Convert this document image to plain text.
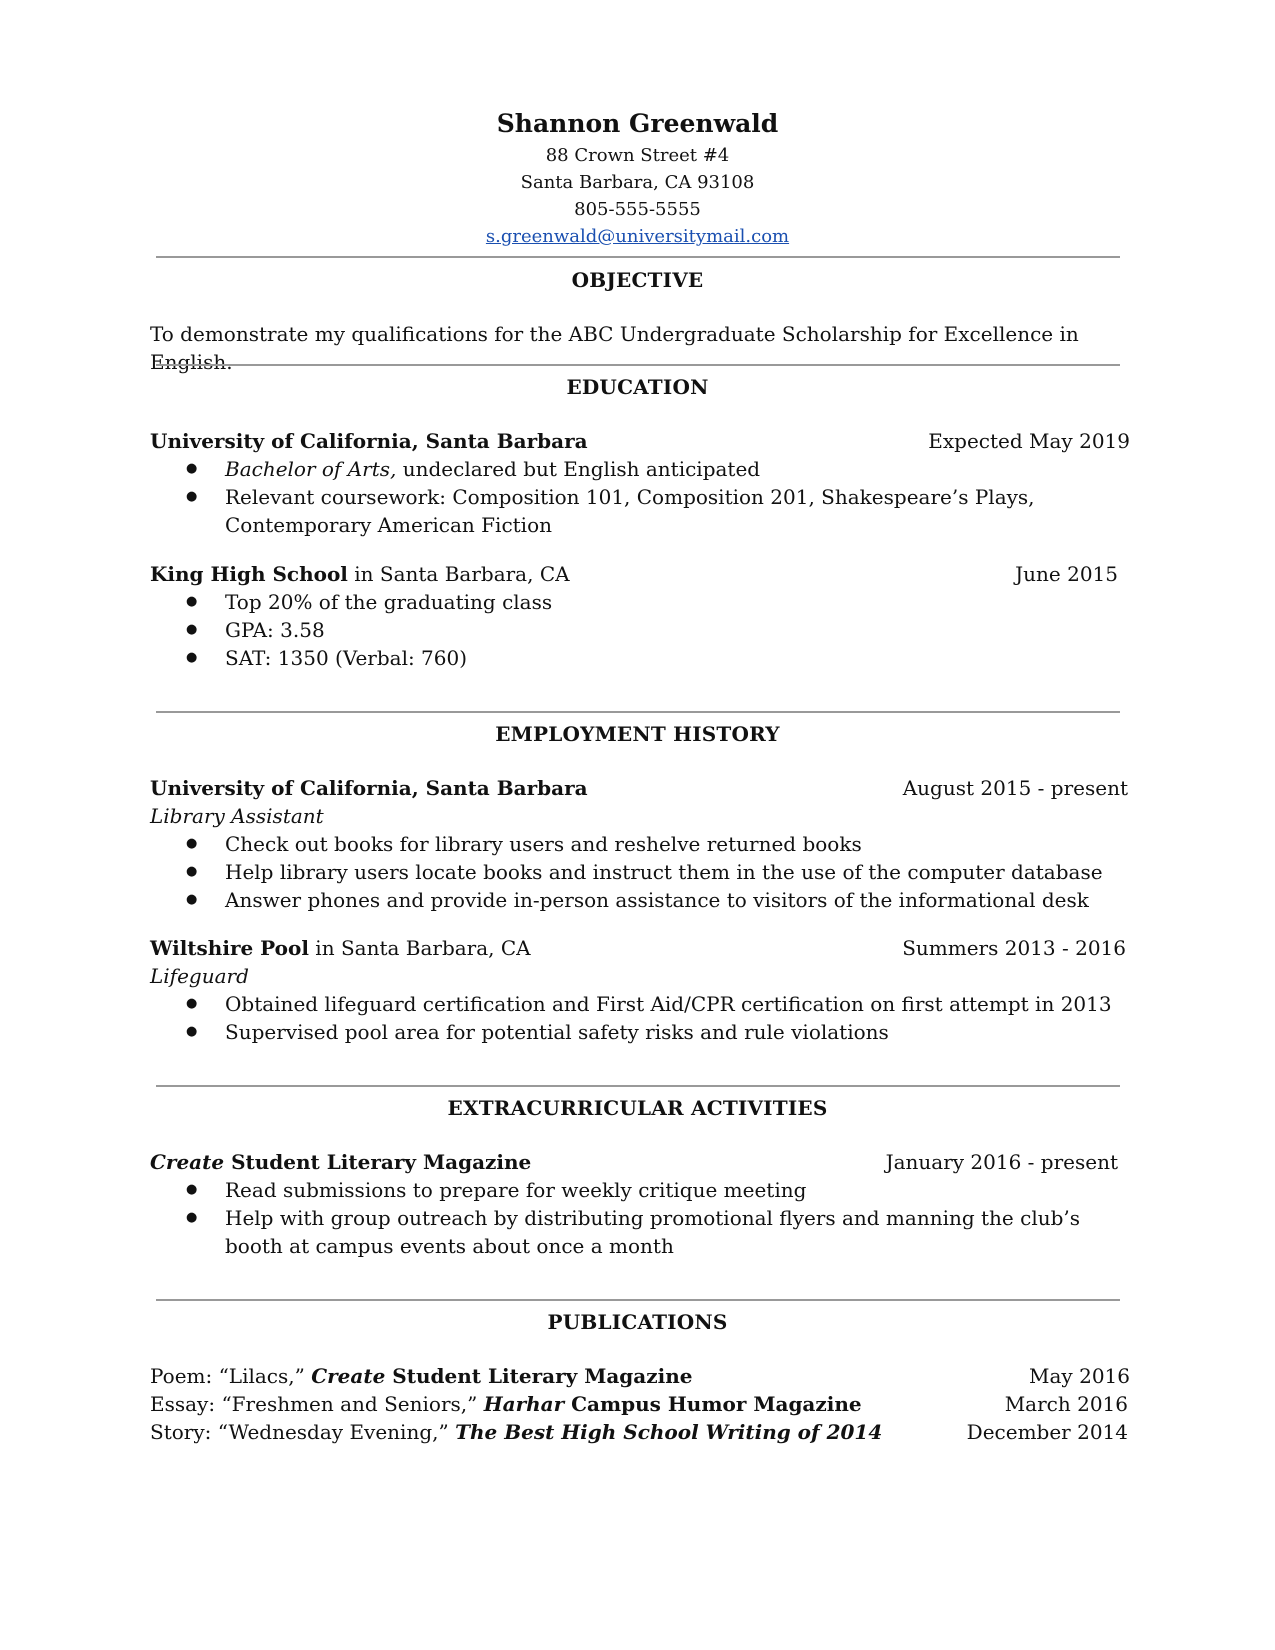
Shannon Greenwald
88 Crown Street #4
Santa Barbara, CA 93108
805-555-5555
s.greenwald@universitymail.com
OBJECTIVE
To demonstrate my qualifications for the ABC Undergraduate Scholarship for Excellence in English.
EDUCATION
University of California, Santa Barbara	Expected May 2019
● Bachelor of Arts, undeclared but English anticipated
● Relevant coursework: Composition 101, Composition 201, Shakespeare’s Plays, Contemporary American Fiction
King High School in Santa Barbara, CA	June 2015
● Top 20% of the graduating class
● GPA: 3.58
● SAT: 1350 (Verbal: 760)
EMPLOYMENT HISTORY
University of California, Santa Barbara	August 2015 - present
Library Assistant
● Check out books for library users and reshelve returned books
● Help library users locate books and instruct them in the use of the computer database
● Answer phones and provide in-person assistance to visitors of the informational desk
Wiltshire Pool in Santa Barbara, CA	Summers 2013 - 2016
Lifeguard
● Obtained lifeguard certification and First Aid/CPR certification on first attempt in 2013
● Supervised pool area for potential safety risks and rule violations
EXTRACURRICULAR ACTIVITIES
Create Student Literary Magazine	January 2016 - present
● Read submissions to prepare for weekly critique meeting
● Help with group outreach by distributing promotional flyers and manning the club’s booth at campus events about once a month
PUBLICATIONS
Poem: “Lilacs,” Create Student Literary Magazine	May 2016
Essay: “Freshmen and Seniors,” Harhar Campus Humor Magazine	March 2016
Story: “Wednesday Evening,” The Best High School Writing of 2014	December 2014
